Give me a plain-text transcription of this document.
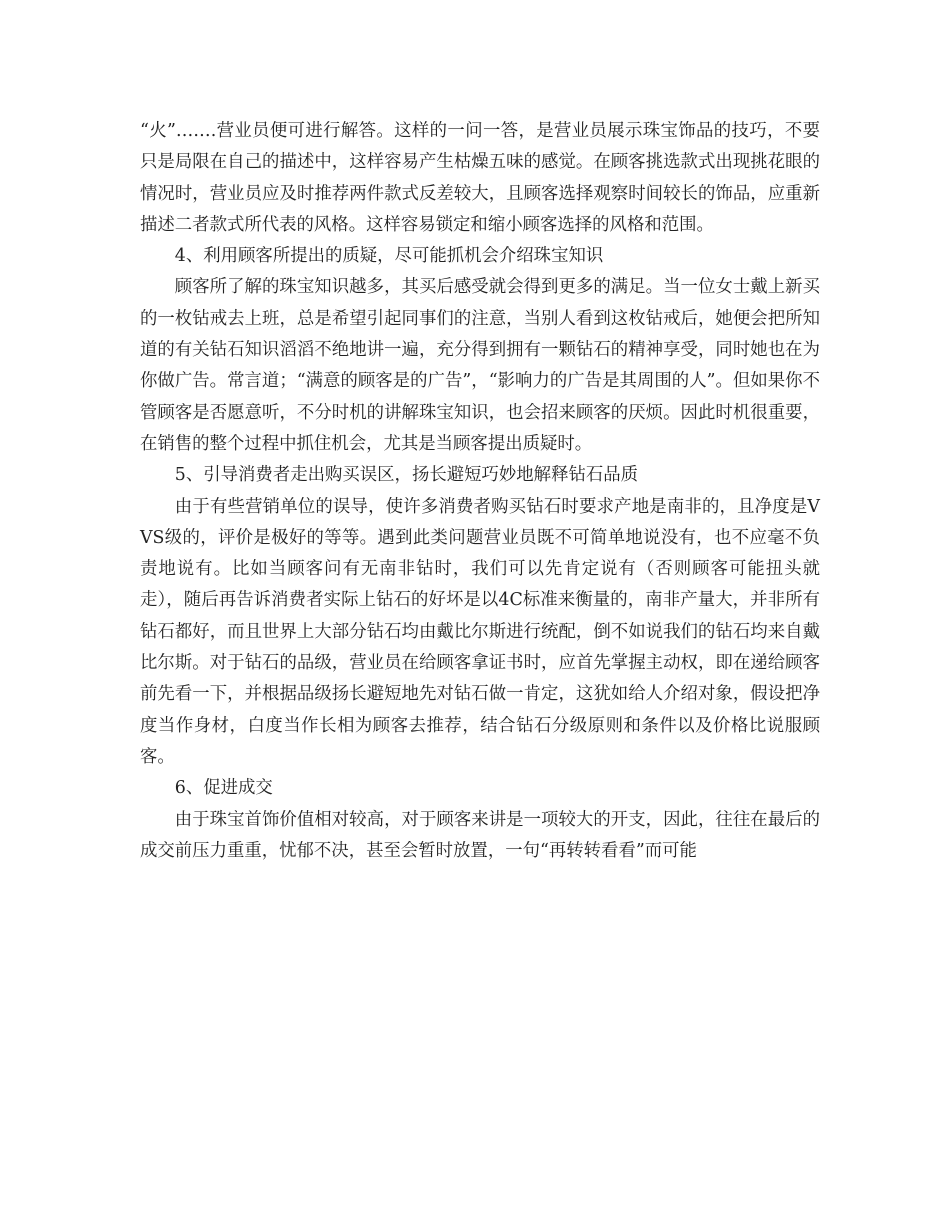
“火”…….营业员便可进行解答。这样的一问一答，是营业员展示珠宝饰品的技巧，不要只是局限在自己的描述中，这样容易产生枯燥五味的感觉。在顾客挑选款式出现挑花眼的情况时，营业员应及时推荐两件款式反差较大，且顾客选择观察时间较长的饰品，应重新描述二者款式所代表的风格。这样容易锁定和缩小顾客选择的风格和范围。

4、利用顾客所提出的质疑，尽可能抓机会介绍珠宝知识

顾客所了解的珠宝知识越多，其买后感受就会得到更多的满足。当一位女士戴上新买的一枚钻戒去上班，总是希望引起同事们的注意，当别人看到这枚钻戒后，她便会把所知道的有关钻石知识滔滔不绝地讲一遍，充分得到拥有一颗钻石的精神享受，同时她也在为你做广告。常言道；“满意的顾客是的广告”，“影响力的广告是其周围的人”。但如果你不管顾客是否愿意听，不分时机的讲解珠宝知识，也会招来顾客的厌烦。因此时机很重要，在销售的整个过程中抓住机会，尤其是当顾客提出质疑时。

5、引导消费者走出购买误区，扬长避短巧妙地解释钻石品质

由于有些营销单位的误导，使许多消费者购买钻石时要求产地是南非的，且净度是VVS级的，评价是极好的等等。遇到此类问题营业员既不可简单地说没有，也不应毫不负责地说有。比如当顾客问有无南非钻时，我们可以先肯定说有（否则顾客可能扭头就走），随后再告诉消费者实际上钻石的好坏是以4C标准来衡量的，南非产量大，并非所有钻石都好，而且世界上大部分钻石均由戴比尔斯进行统配，倒不如说我们的钻石均来自戴比尔斯。对于钻石的品级，营业员在给顾客拿证书时，应首先掌握主动权，即在递给顾客前先看一下，并根据品级扬长避短地先对钻石做一肯定，这犹如给人介绍对象，假设把净度当作身材，白度当作长相为顾客去推荐，结合钻石分级原则和条件以及价格比说服顾客。

6、促进成交

由于珠宝首饰价值相对较高，对于顾客来讲是一项较大的开支，因此，往往在最后的成交前压力重重，忧郁不决，甚至会暂时放置，一句“再转转看看”而可能
